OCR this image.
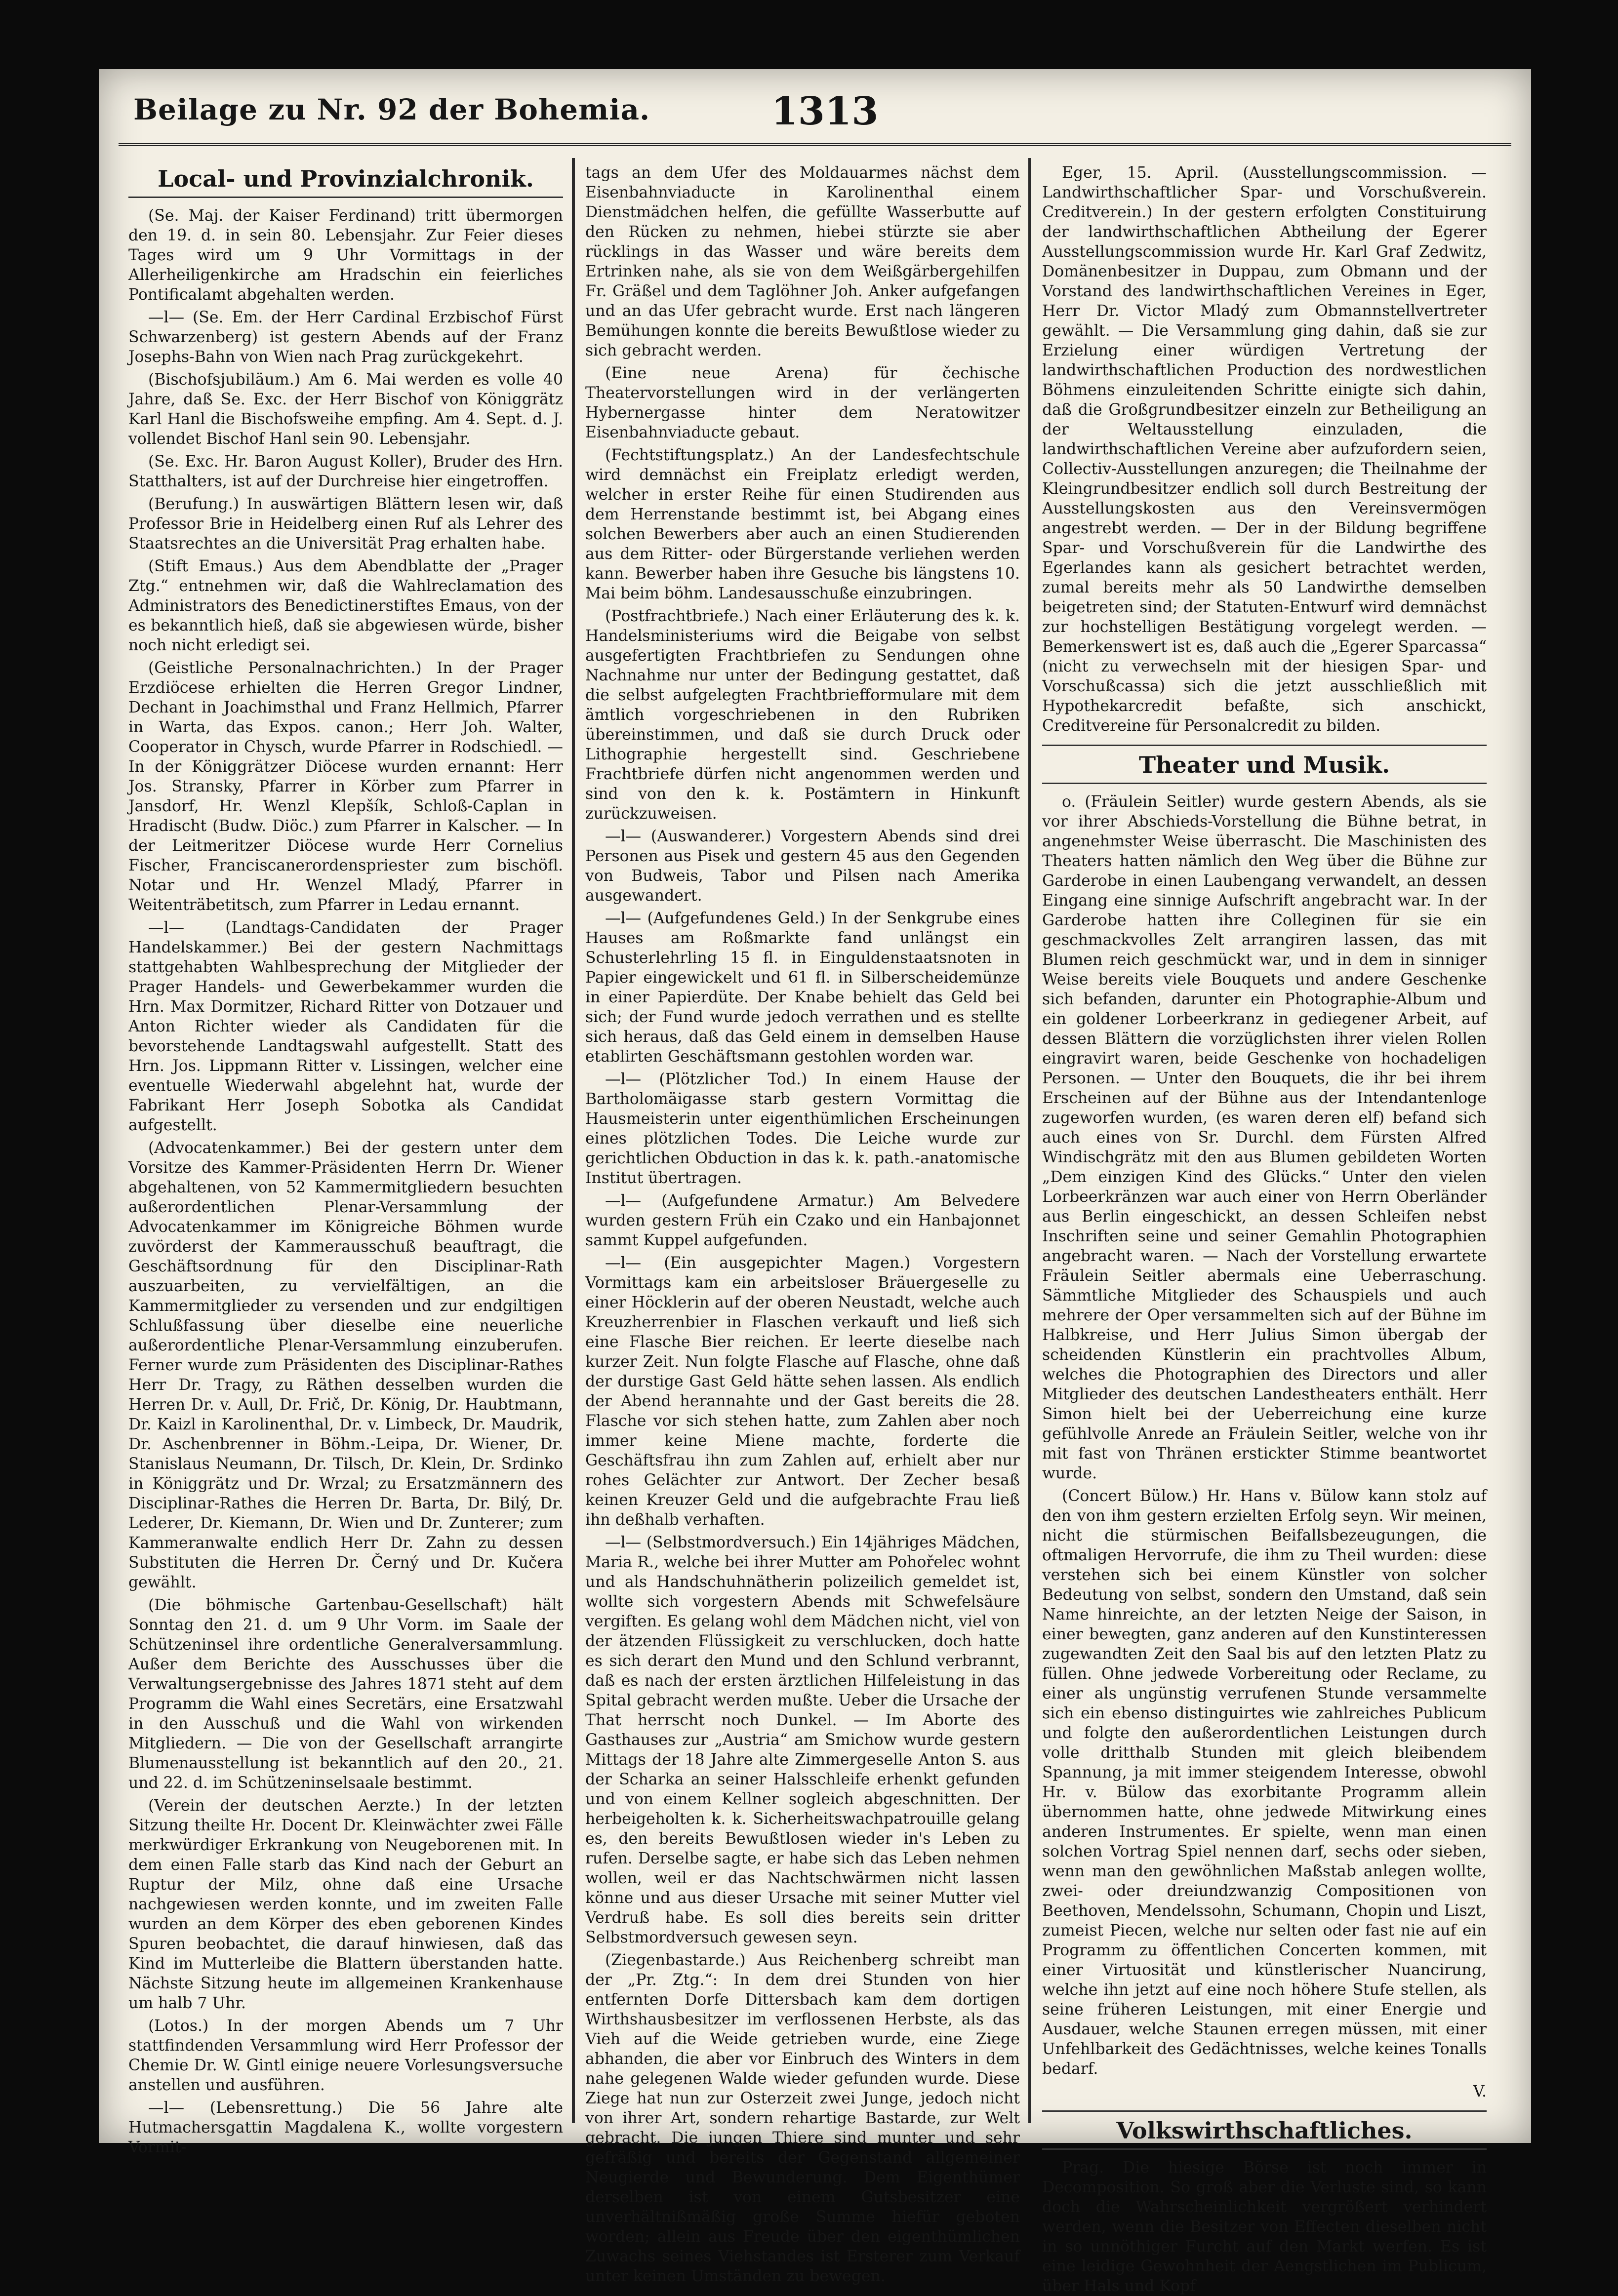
Beilage zu Nr. 92 der Bohemia.	1313
Local- und Provinzialchronik.

(Se. Maj. der Kaiser Ferdinand) tritt übermorgen den 19. d. in sein 80. Lebensjahr. Zur Feier dieses Tages wird um 9 Uhr Vormittags in der Allerheiligenkirche am Hradschin ein feierliches Pontificalamt abgehalten werden.

—l— (Se. Em. der Herr Cardinal Erzbischof Fürst Schwarzenberg) ist gestern Abends auf der Franz Josephs-Bahn von Wien nach Prag zurückgekehrt.

(Bischofsjubiläum.) Am 6. Mai werden es volle 40 Jahre, daß Se. Exc. der Herr Bischof von Königgrätz Karl Hanl die Bischofsweihe empfing. Am 4. Sept. d. J. vollendet Bischof Hanl sein 90. Lebensjahr.

(Se. Exc. Hr. Baron August Koller), Bruder des Hrn. Statthalters, ist auf der Durchreise hier eingetroffen.

(Berufung.) In auswärtigen Blättern lesen wir, daß Professor Brie in Heidelberg einen Ruf als Lehrer des Staatsrechtes an die Universität Prag erhalten habe.

(Stift Emaus.) Aus dem Abendblatte der „Prager Ztg.“ entnehmen wir, daß die Wahlreclamation des Administrators des Benedictinerstiftes Emaus, von der es bekanntlich hieß, daß sie abgewiesen würde, bisher noch nicht erledigt sei.

(Geistliche Personalnachrichten.) In der Prager Erzdiöcese erhielten die Herren Gregor Lindner, Dechant in Joachimsthal und Franz Hellmich, Pfarrer in Warta, das Expos. canon.; Herr Joh. Walter, Cooperator in Chysch, wurde Pfarrer in Rodschiedl. — In der Königgrätzer Diöcese wurden ernannt: Herr Jos. Stransky, Pfarrer in Körber zum Pfarrer in Jansdorf, Hr. Wenzl Klepšík, Schloß-Caplan in Hradischt (Budw. Diöc.) zum Pfarrer in Kalscher. — In der Leitmeritzer Diöcese wurde Herr Cornelius Fischer, Franciscanerordenspriester zum bischöfl. Notar und Hr. Wenzel Mladý, Pfarrer in Weitenträbetitsch, zum Pfarrer in Ledau ernannt.

—l— (Landtags-Candidaten der Prager Handelskammer.) Bei der gestern Nachmittags stattgehabten Wahlbesprechung der Mitglieder der Prager Handels- und Gewerbekammer wurden die Hrn. Max Dormitzer, Richard Ritter von Dotzauer und Anton Richter wieder als Candidaten für die bevorstehende Landtagswahl aufgestellt. Statt des Hrn. Jos. Lippmann Ritter v. Lissingen, welcher eine eventuelle Wiederwahl abgelehnt hat, wurde der Fabrikant Herr Joseph Sobotka als Candidat aufgestellt.

(Advocatenkammer.) Bei der gestern unter dem Vorsitze des Kammer-Präsidenten Herrn Dr. Wiener abgehaltenen, von 52 Kammermitgliedern besuchten außerordentlichen Plenar-Versammlung der Advocatenkammer im Königreiche Böhmen wurde zuvörderst der Kammerausschuß beauftragt, die Geschäftsordnung für den Disciplinar-Rath auszuarbeiten, zu vervielfältigen, an die Kammermitglieder zu versenden und zur endgiltigen Schlußfassung über dieselbe eine neuerliche außerordentliche Plenar-Versammlung einzuberufen. Ferner wurde zum Präsidenten des Disciplinar-Rathes Herr Dr. Tragy, zu Räthen desselben wurden die Herren Dr. v. Aull, Dr. Frič, Dr. König, Dr. Haubtmann, Dr. Kaizl in Karolinenthal, Dr. v. Limbeck, Dr. Maudrik, Dr. Aschenbrenner in Böhm.-Leipa, Dr. Wiener, Dr. Stanislaus Neumann, Dr. Tilsch, Dr. Klein, Dr. Srdinko in Königgrätz und Dr. Wrzal; zu Ersatzmännern des Disciplinar-Rathes die Herren Dr. Barta, Dr. Bilý, Dr. Lederer, Dr. Kiemann, Dr. Wien und Dr. Zunterer; zum Kammeranwalte endlich Herr Dr. Zahn zu dessen Substituten die Herren Dr. Černý und Dr. Kučera gewählt.

(Die böhmische Gartenbau-Gesellschaft) hält Sonntag den 21. d. um 9 Uhr Vorm. im Saale der Schützeninsel ihre ordentliche Generalversammlung. Außer dem Berichte des Ausschusses über die Verwaltungsergebnisse des Jahres 1871 steht auf dem Programm die Wahl eines Secretärs, eine Ersatzwahl in den Ausschuß und die Wahl von wirkenden Mitgliedern. — Die von der Gesellschaft arrangirte Blumenausstellung ist bekanntlich auf den 20., 21. und 22. d. im Schützeninselsaale bestimmt.

(Verein der deutschen Aerzte.) In der letzten Sitzung theilte Hr. Docent Dr. Kleinwächter zwei Fälle merkwürdiger Erkrankung von Neugeborenen mit. In dem einen Falle starb das Kind nach der Geburt an Ruptur der Milz, ohne daß eine Ursache nachgewiesen werden konnte, und im zweiten Falle wurden an dem Körper des eben geborenen Kindes Spuren beobachtet, die darauf hinwiesen, daß das Kind im Mutterleibe die Blattern überstanden hatte. Nächste Sitzung heute im allgemeinen Krankenhause um halb 7 Uhr.

(Lotos.) In der morgen Abends um 7 Uhr stattfindenden Versammlung wird Herr Professor der Chemie Dr. W. Gintl einige neuere Vorlesungsversuche anstellen und ausführen.

—l— (Lebensrettung.) Die 56 Jahre alte Hutmachersgattin Magdalena K., wollte vorgestern Vormit-

tags an dem Ufer des Moldauarmes nächst dem Eisenbahnviaducte in Karolinenthal einem Dienstmädchen helfen, die gefüllte Wasserbutte auf den Rücken zu nehmen, hiebei stürzte sie aber rücklings in das Wasser und wäre bereits dem Ertrinken nahe, als sie von dem Weißgärbergehilfen Fr. Gräßel und dem Taglöhner Joh. Anker aufgefangen und an das Ufer gebracht wurde. Erst nach längeren Bemühungen konnte die bereits Bewußtlose wieder zu sich gebracht werden.

(Eine neue Arena) für čechische Theatervorstellungen wird in der verlängerten Hybernergasse hinter dem Neratowitzer Eisenbahnviaducte gebaut.

(Fechtstiftungsplatz.) An der Landesfechtschule wird demnächst ein Freiplatz erledigt werden, welcher in erster Reihe für einen Studirenden aus dem Herrenstande bestimmt ist, bei Abgang eines solchen Bewerbers aber auch an einen Studierenden aus dem Ritter- oder Bürgerstande verliehen werden kann. Bewerber haben ihre Gesuche bis längstens 10. Mai beim böhm. Landesausschuße einzubringen.

(Postfrachtbriefe.) Nach einer Erläuterung des k. k. Handelsministeriums wird die Beigabe von selbst ausgefertigten Frachtbriefen zu Sendungen ohne Nachnahme nur unter der Bedingung gestattet, daß die selbst aufgelegten Frachtbriefformulare mit dem ämtlich vorgeschriebenen in den Rubriken übereinstimmen, und daß sie durch Druck oder Lithographie hergestellt sind. Geschriebene Frachtbriefe dürfen nicht angenommen werden und sind von den k. k. Postämtern in Hinkunft zurückzuweisen.

—l— (Auswanderer.) Vorgestern Abends sind drei Personen aus Pisek und gestern 45 aus den Gegenden von Budweis, Tabor und Pilsen nach Amerika ausgewandert.

—l— (Aufgefundenes Geld.) In der Senkgrube eines Hauses am Roßmarkte fand unlängst ein Schusterlehrling 15 fl. in Einguldenstaatsnoten in Papier eingewickelt und 61 fl. in Silberscheidemünze in einer Papierdüte. Der Knabe behielt das Geld bei sich; der Fund wurde jedoch verrathen und es stellte sich heraus, daß das Geld einem in demselben Hause etablirten Geschäftsmann gestohlen worden war.

—l— (Plötzlicher Tod.) In einem Hause der Bartholomäigasse starb gestern Vormittag die Hausmeisterin unter eigenthümlichen Erscheinungen eines plötzlichen Todes. Die Leiche wurde zur gerichtlichen Obduction in das k. k. path.-anatomische Institut übertragen.

—l— (Aufgefundene Armatur.) Am Belvedere wurden gestern Früh ein Czako und ein Hanbajonnet sammt Kuppel aufgefunden.

—l— (Ein ausgepichter Magen.) Vorgestern Vormittags kam ein arbeitsloser Bräuergeselle zu einer Höcklerin auf der oberen Neustadt, welche auch Kreuzherrenbier in Flaschen verkauft und ließ sich eine Flasche Bier reichen. Er leerte dieselbe nach kurzer Zeit. Nun folgte Flasche auf Flasche, ohne daß der durstige Gast Geld hätte sehen lassen. Als endlich der Abend herannahte und der Gast bereits die 28. Flasche vor sich stehen hatte, zum Zahlen aber noch immer keine Miene machte, forderte die Geschäftsfrau ihn zum Zahlen auf, erhielt aber nur rohes Gelächter zur Antwort. Der Zecher besaß keinen Kreuzer Geld und die aufgebrachte Frau ließ ihn deßhalb verhaften.

—l— (Selbstmordversuch.) Ein 14jähriges Mädchen, Maria R., welche bei ihrer Mutter am Pohořelec wohnt und als Handschuhnätherin polizeilich gemeldet ist, wollte sich vorgestern Abends mit Schwefelsäure vergiften. Es gelang wohl dem Mädchen nicht, viel von der ätzenden Flüssigkeit zu verschlucken, doch hatte es sich derart den Mund und den Schlund verbrannt, daß es nach der ersten ärztlichen Hilfeleistung in das Spital gebracht werden mußte. Ueber die Ursache der That herrscht noch Dunkel. — Im Aborte des Gasthauses zur „Austria“ am Smichow wurde gestern Mittags der 18 Jahre alte Zimmergeselle Anton S. aus der Scharka an seiner Halsschleife erhenkt gefunden und von einem Kellner sogleich abgeschnitten. Der herbeigeholten k. k. Sicherheitswachpatrouille gelang es, den bereits Bewußtlosen wieder in's Leben zu rufen. Derselbe sagte, er habe sich das Leben nehmen wollen, weil er das Nachtschwärmen nicht lassen könne und aus dieser Ursache mit seiner Mutter viel Verdruß habe. Es soll dies bereits sein dritter Selbstmordversuch gewesen seyn.

(Ziegenbastarde.) Aus Reichenberg schreibt man der „Pr. Ztg.“: In dem drei Stunden von hier entfernten Dorfe Dittersbach kam dem dortigen Wirthshausbesitzer im verflossenen Herbste, als das Vieh auf die Weide getrieben wurde, eine Ziege abhanden, die aber vor Einbruch des Winters in dem nahe gelegenen Walde wieder gefunden wurde. Diese Ziege hat nun zur Osterzeit zwei Junge, jedoch nicht von ihrer Art, sondern rehartige Bastarde, zur Welt gebracht. Die jungen Thiere sind munter und sehr gefräßig und bereits der Gegenstand allgemeiner Neugierde und Bewunderung. Dem Eigenthümer derselben ist von einem Gutsbesitzer eine unverhältnißmäßig große Summe hiefür geboten worden; allein aus Freude über den eigenthümlichen Zuwachs seines Viehstandes ist Ersterer zum Verkauf unter keinen Umständen zu bewegen.

Eger, 15. April. (Ausstellungscommission. — Landwirthschaftlicher Spar- und Vorschußverein. Creditverein.) In der gestern erfolgten Constituirung der landwirthschaftlichen Abtheilung der Egerer Ausstellungscommission wurde Hr. Karl Graf Zedwitz, Domänenbesitzer in Duppau, zum Obmann und der Vorstand des landwirthschaftlichen Vereines in Eger, Herr Dr. Victor Mladý zum Obmannstellvertreter gewählt. — Die Versammlung ging dahin, daß sie zur Erzielung einer würdigen Vertretung der landwirthschaftlichen Production des nordwestlichen Böhmens einzuleitenden Schritte einigte sich dahin, daß die Großgrundbesitzer einzeln zur Betheiligung an der Weltausstellung einzuladen, die landwirthschaftlichen Vereine aber aufzufordern seien, Collectiv-Ausstellungen anzuregen; die Theilnahme der Kleingrundbesitzer endlich soll durch Bestreitung der Ausstellungskosten aus den Vereinsvermögen angestrebt werden. — Der in der Bildung begriffene Spar- und Vorschußverein für die Landwirthe des Egerlandes kann als gesichert betrachtet werden, zumal bereits mehr als 50 Landwirthe demselben beigetreten sind; der Statuten-Entwurf wird demnächst zur hochstelligen Bestätigung vorgelegt werden. — Bemerkenswert ist es, daß auch die „Egerer Sparcassa“ (nicht zu verwechseln mit der hiesigen Spar- und Vorschußcassa) sich die jetzt ausschließlich mit Hypothekarcredit befaßte, sich anschickt, Creditvereine für Personalcredit zu bilden.

Theater und Musik.

o. (Fräulein Seitler) wurde gestern Abends, als sie vor ihrer Abschieds-Vorstellung die Bühne betrat, in angenehmster Weise überrascht. Die Maschinisten des Theaters hatten nämlich den Weg über die Bühne zur Garderobe in einen Laubengang verwandelt, an dessen Eingang eine sinnige Aufschrift angebracht war. In der Garderobe hatten ihre Colleginen für sie ein geschmackvolles Zelt arrangiren lassen, das mit Blumen reich geschmückt war, und in dem in sinniger Weise bereits viele Bouquets und andere Geschenke sich befanden, darunter ein Photographie-Album und ein goldener Lorbeerkranz in gediegener Arbeit, auf dessen Blättern die vorzüglichsten ihrer vielen Rollen eingravirt waren, beide Geschenke von hochadeligen Personen. — Unter den Bouquets, die ihr bei ihrem Erscheinen auf der Bühne aus der Intendantenloge zugeworfen wurden, (es waren deren elf) befand sich auch eines von Sr. Durchl. dem Fürsten Alfred Windischgrätz mit den aus Blumen gebildeten Worten „Dem einzigen Kind des Glücks.“ Unter den vielen Lorbeerkränzen war auch einer von Herrn Oberländer aus Berlin eingeschickt, an dessen Schleifen nebst Inschriften seine und seiner Gemahlin Photographien angebracht waren. — Nach der Vorstellung erwartete Fräulein Seitler abermals eine Ueberraschung. Sämmtliche Mitglieder des Schauspiels und auch mehrere der Oper versammelten sich auf der Bühne im Halbkreise, und Herr Julius Simon übergab der scheidenden Künstlerin ein prachtvolles Album, welches die Photographien des Directors und aller Mitglieder des deutschen Landestheaters enthält. Herr Simon hielt bei der Ueberreichung eine kurze gefühlvolle Anrede an Fräulein Seitler, welche von ihr mit fast von Thränen erstickter Stimme beantwortet wurde.

(Concert Bülow.) Hr. Hans v. Bülow kann stolz auf den von ihm gestern erzielten Erfolg seyn. Wir meinen, nicht die stürmischen Beifallsbezeugungen, die oftmaligen Hervorrufe, die ihm zu Theil wurden: diese verstehen sich bei einem Künstler von solcher Bedeutung von selbst, sondern den Umstand, daß sein Name hinreichte, an der letzten Neige der Saison, in einer bewegten, ganz anderen auf den Kunstinteressen zugewandten Zeit den Saal bis auf den letzten Platz zu füllen. Ohne jedwede Vorbereitung oder Reclame, zu einer als ungünstig verrufenen Stunde versammelte sich ein ebenso distinguirtes wie zahlreiches Publicum und folgte den außerordentlichen Leistungen durch volle dritthalb Stunden mit gleich bleibendem Spannung, ja mit immer steigendem Interesse, obwohl Hr. v. Bülow das exorbitante Programm allein übernommen hatte, ohne jedwede Mitwirkung eines anderen Instrumentes. Er spielte, wenn man einen solchen Vortrag Spiel nennen darf, sechs oder sieben, wenn man den gewöhnlichen Maßstab anlegen wollte, zwei- oder dreiundzwanzig Compositionen von Beethoven, Mendelssohn, Schumann, Chopin und Liszt, zumeist Piecen, welche nur selten oder fast nie auf ein Programm zu öffentlichen Concerten kommen, mit einer Virtuosität und künstlerischer Nuancirung, welche ihn jetzt auf eine noch höhere Stufe stellen, als seine früheren Leistungen, mit einer Energie und Ausdauer, welche Staunen erregen müssen, mit einer Unfehlbarkeit des Gedächtnisses, welche keines Tonalls bedarf.

V.

Volkswirthschaftliches.

Prag. Die hiesige Börse ist noch immer in Decomposition. So groß aber die Verluste sind, so kann doch die Wahrscheinlichkeit vergrößert verhindert werden, wenn die Besitzer von Effecten dieselben nicht in so unnöthiger Furcht auf den Markt werfen. Es ist eine leidige Gewohnheit der Aengstlichen im Publicum, über Hals und Kopf
